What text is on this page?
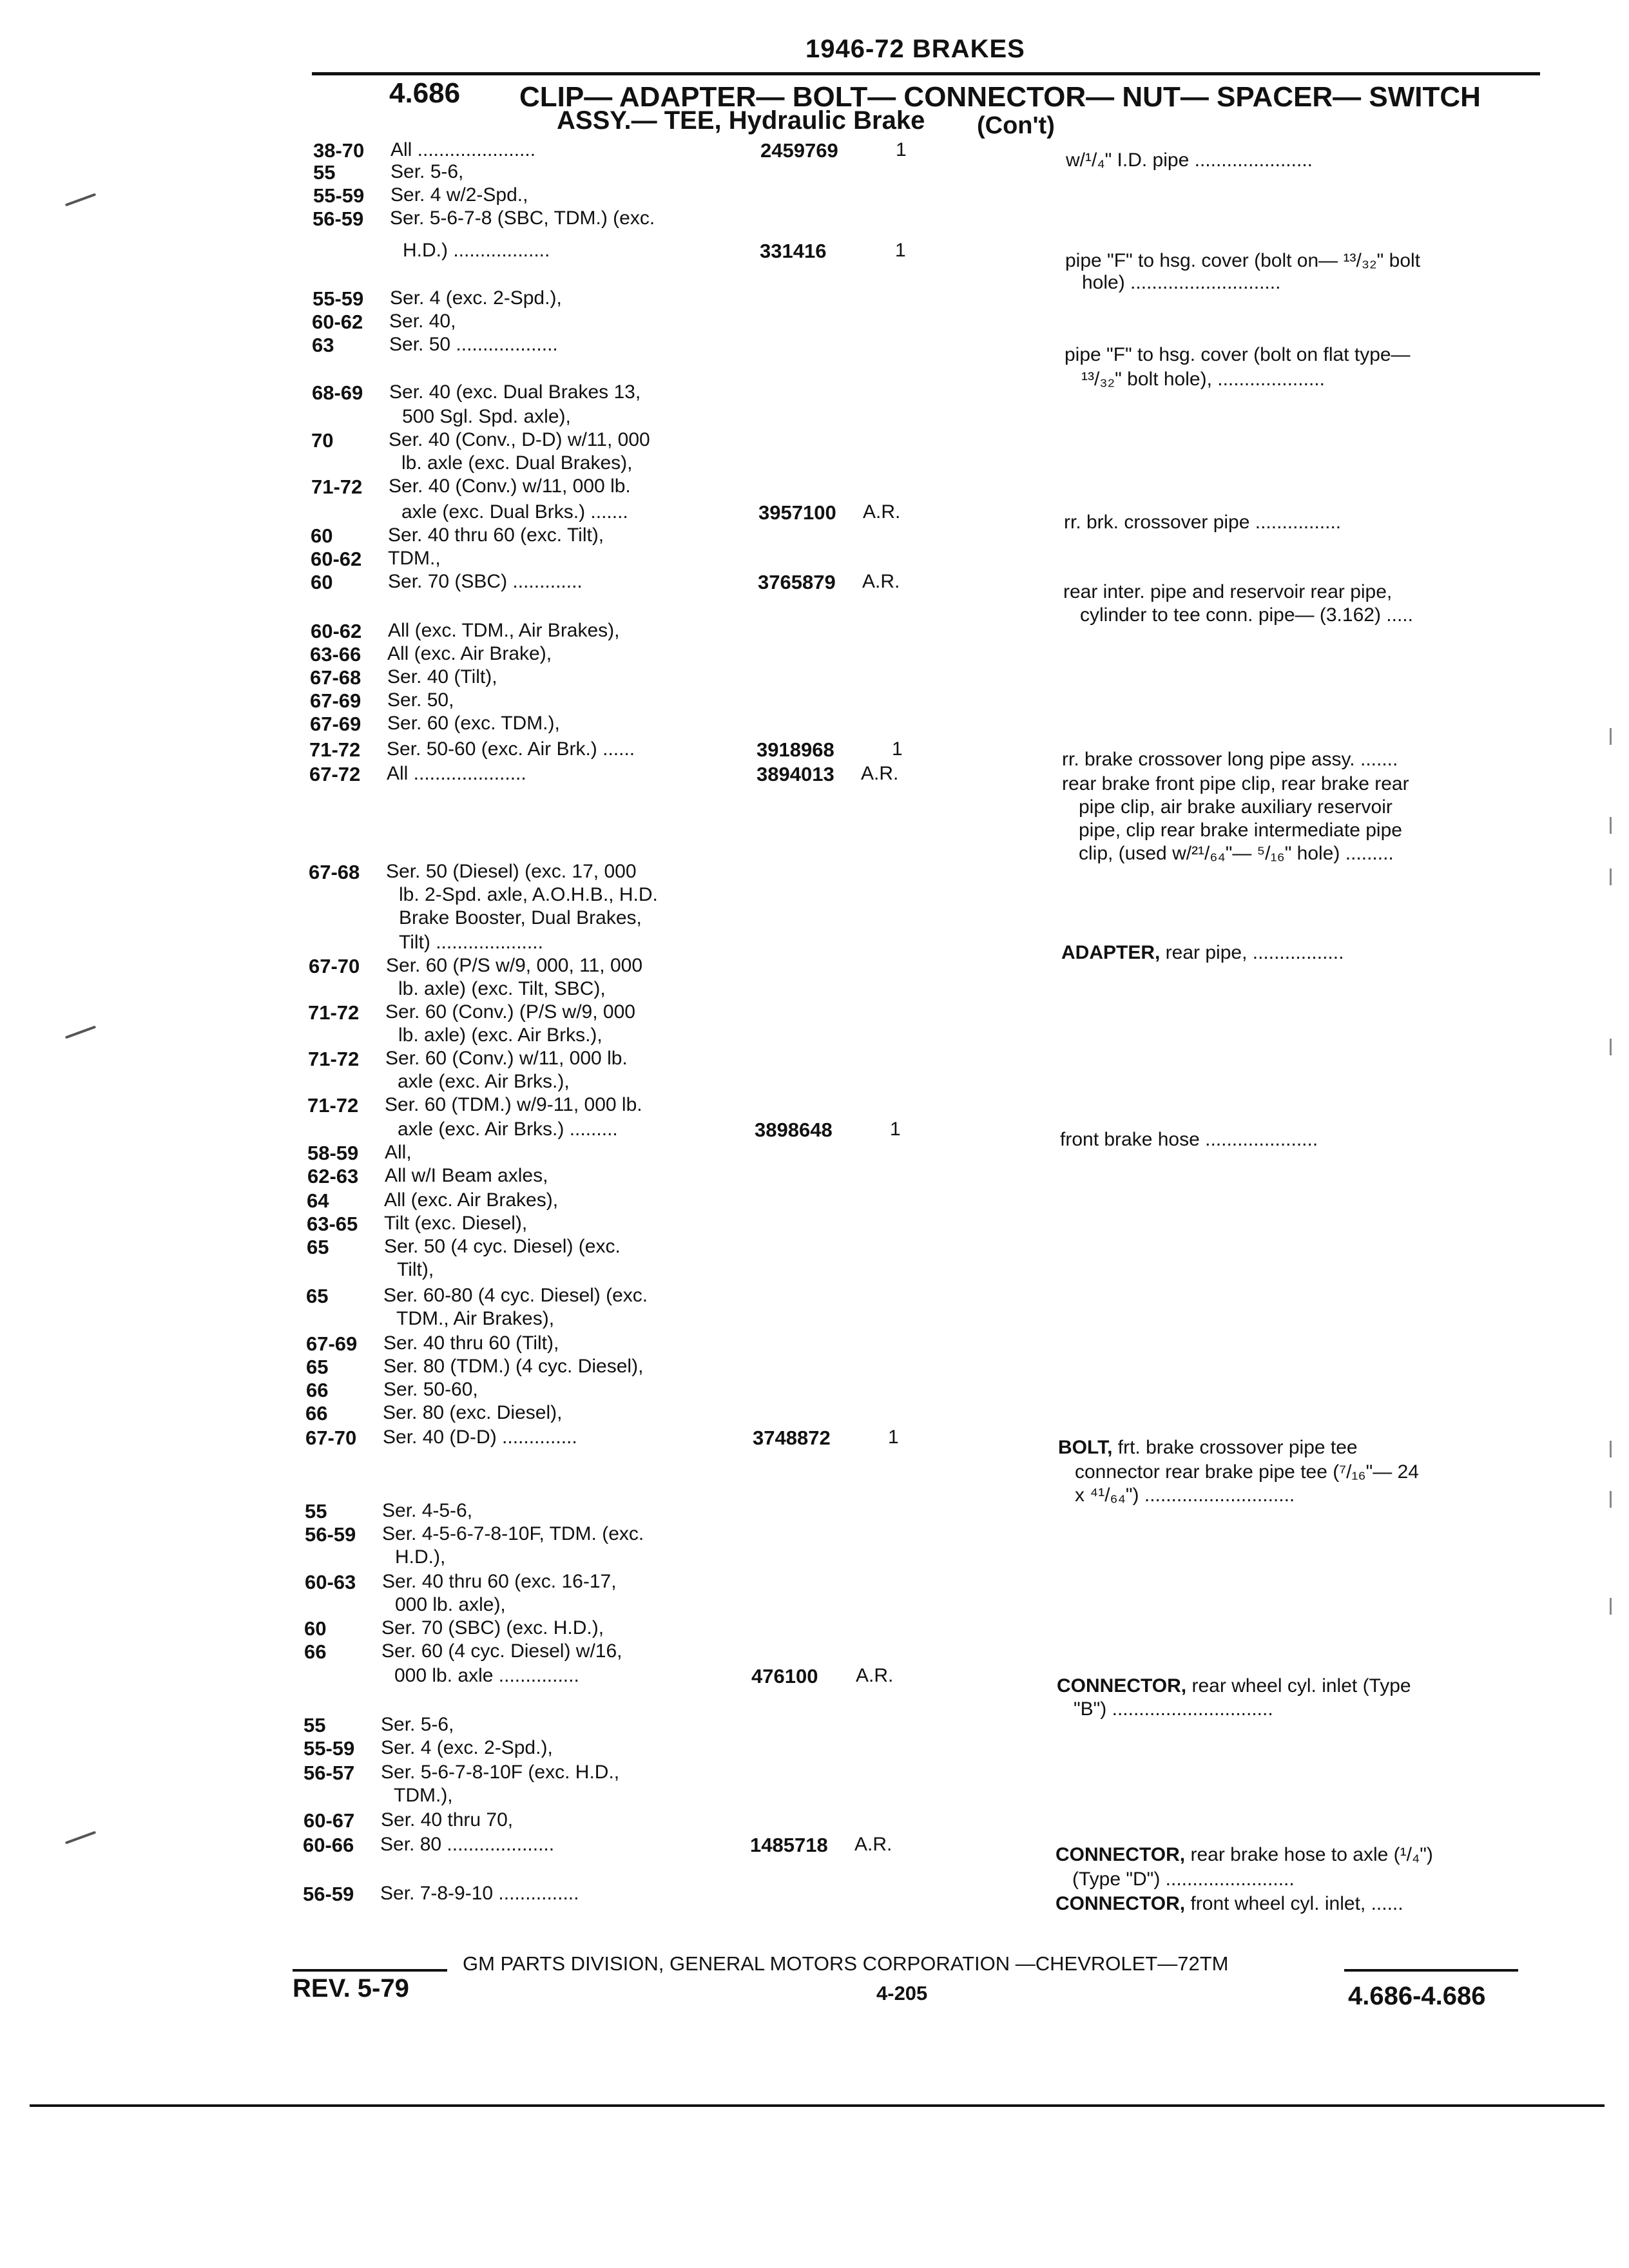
1946-72 BRAKES
4.686 CLIP— ADAPTER— BOLT— CONNECTOR— NUT— SPACER— SWITCH
ASSY.— TEE, Hydraulic Brake (Con't)
38-70 All ......................	2459769	1	w/¹/₄" I.D. pipe ......................
55	Ser. 5-6,
55-59 Ser. 4 w/2-Spd.,
56-59 Ser. 5-6-7-8 (SBC, TDM.) (exc.
H.D.) ..................	331416	1	pipe "F" to hsg. cover (bolt on— ¹³/₃₂" bolt
hole) ............................
55-59 Ser. 4 (exc. 2-Spd.),
60-62 Ser. 40,
63	Ser. 50 ...................	pipe "F" to hsg. cover (bolt on flat type—
¹³/₃₂" bolt hole), ....................
68-69 Ser. 40 (exc. Dual Brakes 13,
500 Sgl. Spd. axle),
70	Ser. 40 (Conv., D-D) w/11, 000
lb. axle (exc. Dual Brakes),
71-72 Ser. 40 (Conv.) w/11, 000 lb.
axle (exc. Dual Brks.) .......	3957100 A.R.	rr. brk. crossover pipe ................
60	Ser. 40 thru 60 (exc. Tilt),
60-62 TDM.,
60	Ser. 70 (SBC) .............	3765879 A.R.	rear inter. pipe and reservoir rear pipe,
cylinder to tee conn. pipe— (3.162) .....
60-62 All (exc. TDM., Air Brakes),
63-66 All (exc. Air Brake),
67-68 Ser. 40 (Tilt),
67-69 Ser. 50,
67-69 Ser. 60 (exc. TDM.),
71-72 Ser. 50-60 (exc. Air Brk.) ......	3918968	1	rr. brake crossover long pipe assy. .......
67-72 All .....................	3894013 A.R.	rear brake front pipe clip, rear brake rear
pipe clip, air brake auxiliary reservoir
pipe, clip rear brake intermediate pipe
clip, (used w/²¹/₆₄"— ⁵/₁₆" hole) .........
67-68 Ser. 50 (Diesel) (exc. 17, 000
lb. 2-Spd. axle, A.O.H.B., H.D.
Brake Booster, Dual Brakes,
Tilt) ....................	ADAPTER, rear pipe, .................
67-70 Ser. 60 (P/S w/9, 000, 11, 000
lb. axle) (exc. Tilt, SBC),
71-72 Ser. 60 (Conv.) (P/S w/9, 000
lb. axle) (exc. Air Brks.),
71-72 Ser. 60 (Conv.) w/11, 000 lb.
axle (exc. Air Brks.),
71-72 Ser. 60 (TDM.) w/9-11, 000 lb.
axle (exc. Air Brks.) .........	3898648	1	front brake hose .....................
58-59 All,
62-63 All w/I Beam axles,
64	All (exc. Air Brakes),
63-65 Tilt (exc. Diesel),
65	Ser. 50 (4 cyc. Diesel) (exc.
Tilt),
65	Ser. 60-80 (4 cyc. Diesel) (exc.
TDM., Air Brakes),
67-69 Ser. 40 thru 60 (Tilt),
65	Ser. 80 (TDM.) (4 cyc. Diesel),
66	Ser. 50-60,
66	Ser. 80 (exc. Diesel),
67-70 Ser. 40 (D-D) ..............	3748872	1	BOLT, frt. brake crossover pipe tee
connector rear brake pipe tee (⁷/₁₆"— 24
x ⁴¹/₆₄") ............................
55	Ser. 4-5-6,
56-59 Ser. 4-5-6-7-8-10F, TDM. (exc.
H.D.),
60-63 Ser. 40 thru 60 (exc. 16-17,
000 lb. axle),
60	Ser. 70 (SBC) (exc. H.D.),
66	Ser. 60 (4 cyc. Diesel) w/16,
000 lb. axle ...............	476100 A.R.	CONNECTOR, rear wheel cyl. inlet (Type
"B") ..............................
55	Ser. 5-6,
55-59 Ser. 4 (exc. 2-Spd.),
56-57 Ser. 5-6-7-8-10F (exc. H.D.,
TDM.),
60-67 Ser. 40 thru 70,
60-66 Ser. 80 ....................	1485718 A.R.	CONNECTOR, rear brake hose to axle (¹/₄")
(Type "D") ........................
56-59 Ser. 7-8-9-10 ...............	CONNECTOR, front wheel cyl. inlet, ......
GM PARTS DIVISION, GENERAL MOTORS CORPORATION —CHEVROLET—72TM
REV. 5-79	4-205	4.686-4.686
